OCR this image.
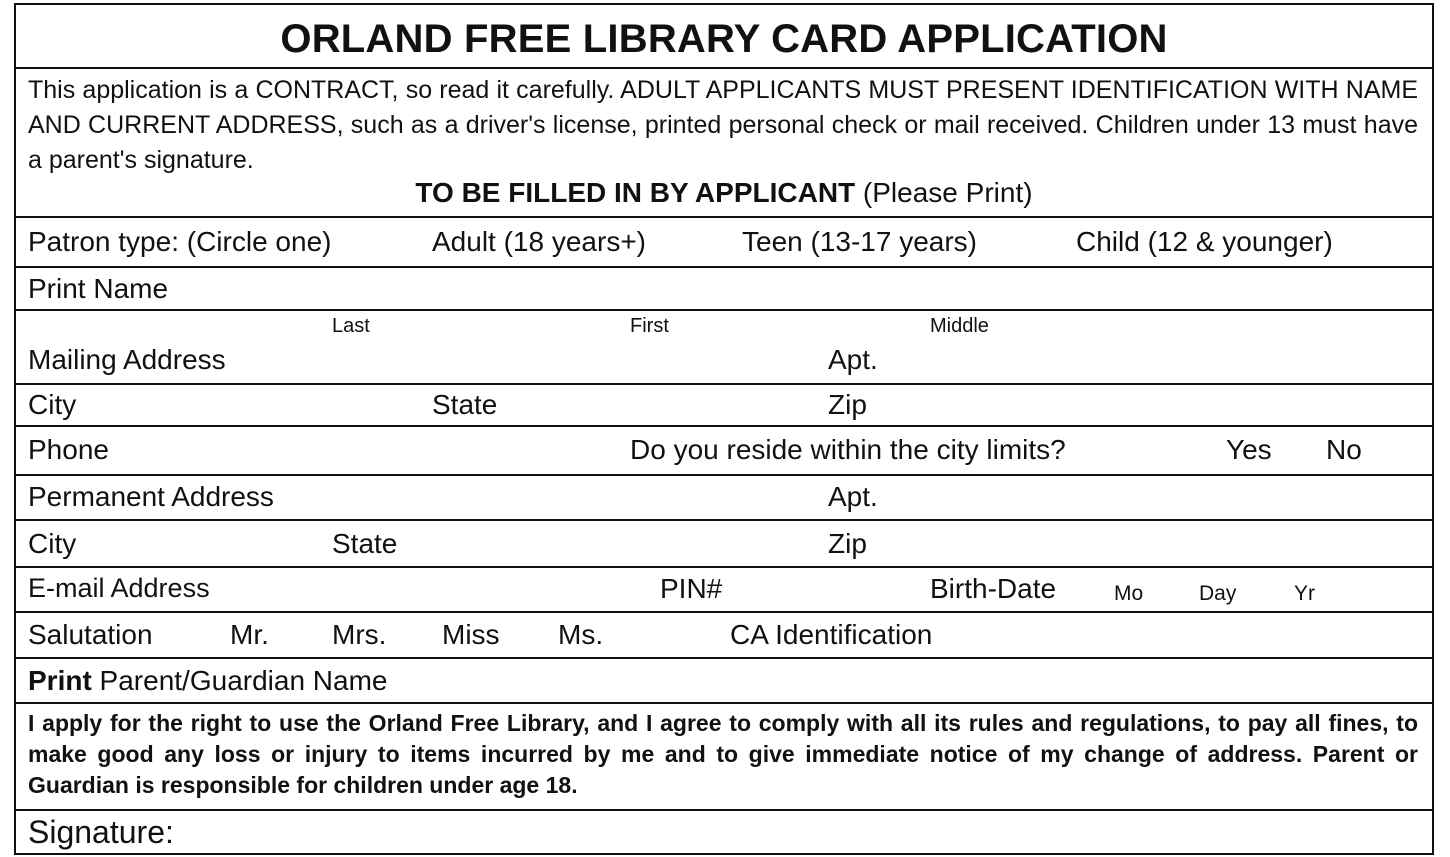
ORLAND FREE LIBRARY CARD APPLICATION
This application is a CONTRACT, so read it carefully. ADULT APPLICANTS MUST PRESENT IDENTIFICATION WITH NAME AND CURRENT ADDRESS, such as a driver's license, printed personal check or mail received. Children under 13 must have a parent's signature.
TO BE FILLED IN BY APPLICANT (Please Print)
Patron type: (Circle one)	Adult (18 years+)	Teen (13-17 years)	Child (12 & younger)
Print Name
Last	First	Middle
Mailing Address	Apt.
City	State	Zip
Phone	Do you reside within the city limits?	Yes No
Permanent Address	Apt.
City	State	Zip
E-mail Address	PIN#	Birth-Date	Mo	Day	Yr
Salutation	Mr. Mrs. Miss Ms.	CA Identification
Print Parent/Guardian Name
I apply for the right to use the Orland Free Library, and I agree to comply with all its rules and regulations, to pay all fines, to make good any loss or injury to items incurred by me and to give immediate notice of my change of address. Parent or Guardian is responsible for children under age 18.
Signature:
